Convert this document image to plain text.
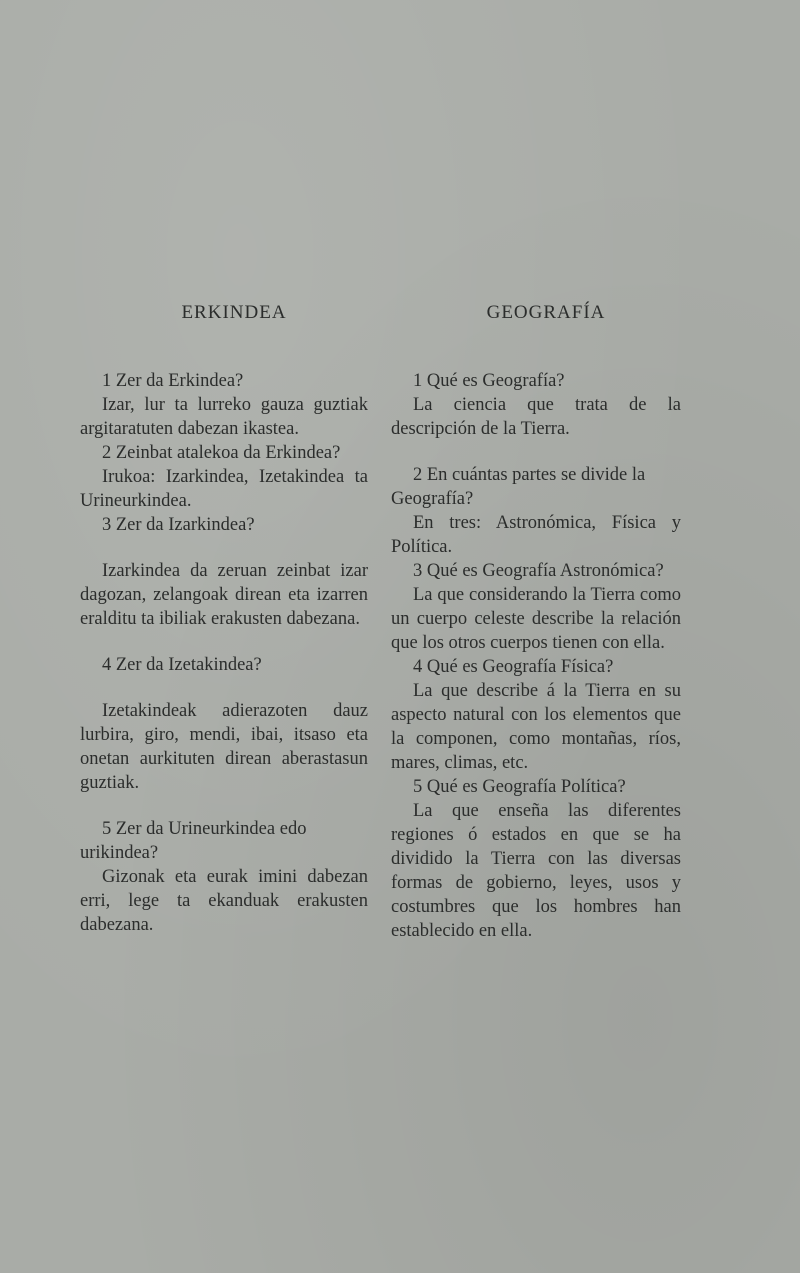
ERKINDEA
1 Zer da Erkindea?
Izar, lur ta lurreko gauza guztiak argitaratuten dabezan ikastea.
2 Zeinbat atalekoa da Erkindea?
Irukoa: Izarkindea, Izetakindea ta Urineurkindea.
3 Zer da Izarkindea?
Izarkindea da zeruan zeinbat izar dagozan, zelangoak direan eta izarren eralditu ta ibiliak erakusten dabezana.
4 Zer da Izetakindea?
Izetakindeak adierazoten dauz lurbira, giro, mendi, ibai, itsaso eta onetan aurkituten direan aberastasun guztiak.
5 Zer da Urineurkindea edo urikindea?
Gizonak eta eurak imini dabezan erri, lege ta ekanduak erakusten dabezana.
GEOGRAFÍA
1 Qué es Geografía?
La ciencia que trata de la descripción de la Tierra.
2 En cuántas partes se divide la Geografía?
En tres: Astronómica, Física y Política.
3 Qué es Geografía Astronómica?
La que considerando la Tierra como un cuerpo celeste describe la relación que los otros cuerpos tienen con ella.
4 Qué es Geografía Física?
La que describe á la Tierra en su aspecto natural con los elementos que la componen, como montañas, ríos, mares, climas, etc.
5 Qué es Geografía Política?
La que enseña las diferentes regiones ó estados en que se ha dividido la Tierra con las diversas formas de gobierno, leyes, usos y costumbres que los hombres han establecido en ella.
